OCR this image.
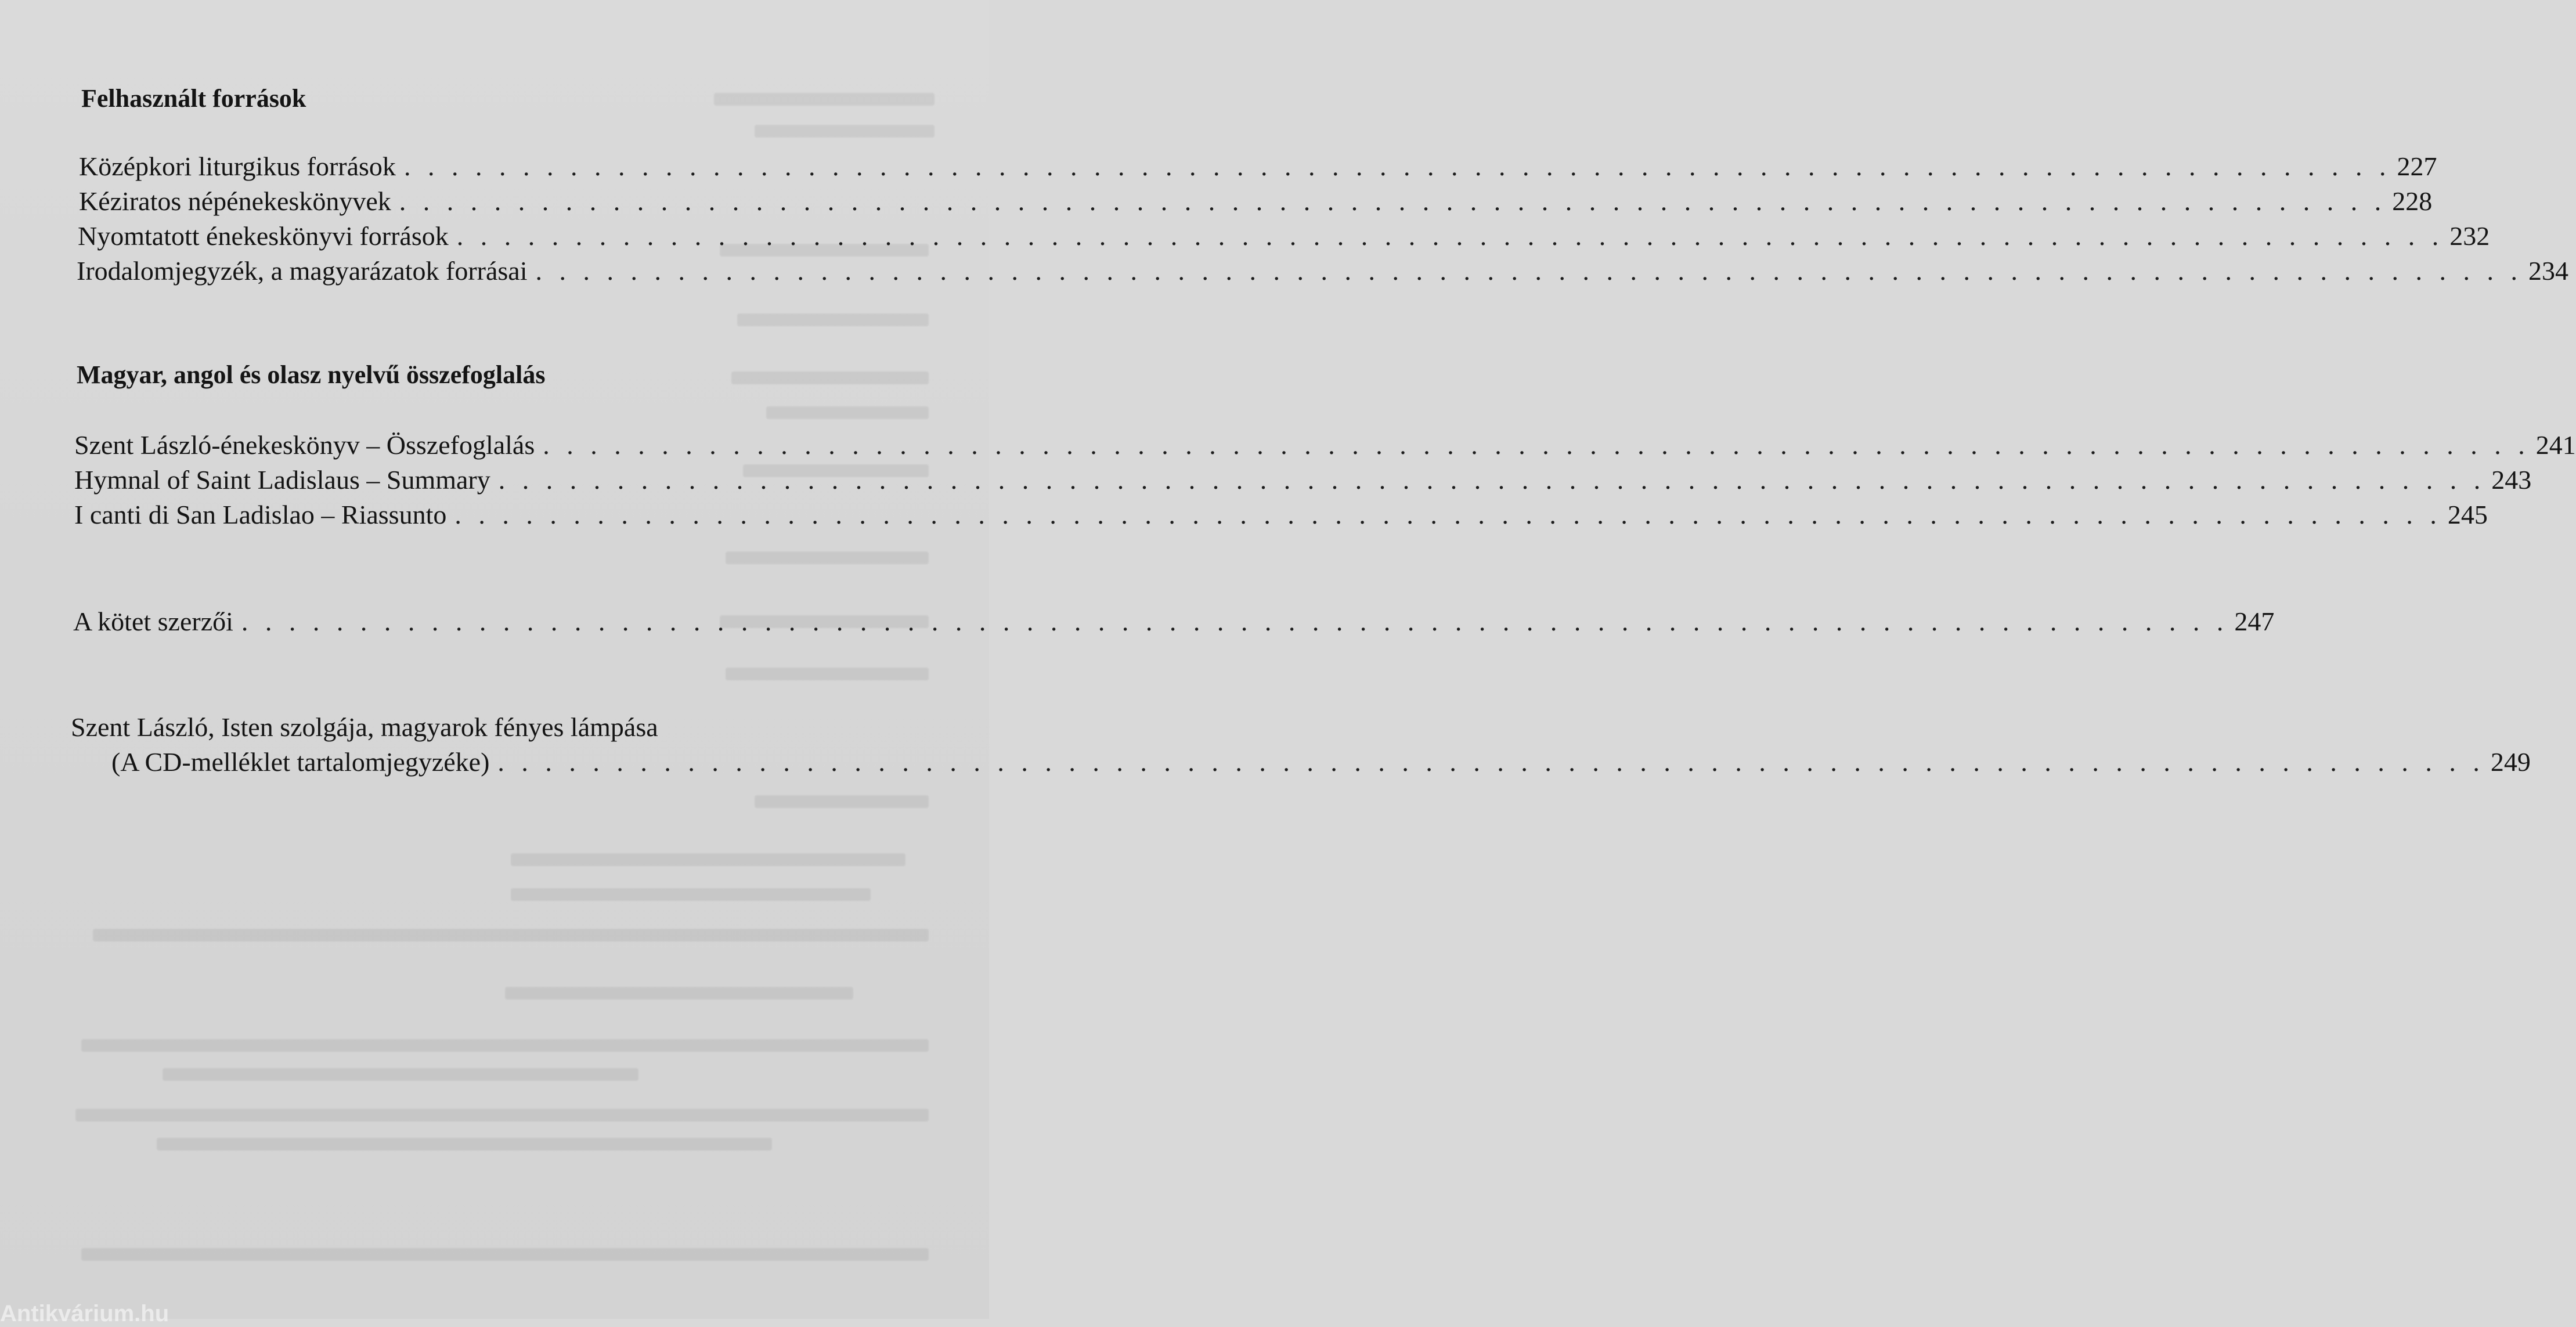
Felhasznált források
Középkori liturgikus források . . . . . . . . . . . . . . . . . . . . . . . . . . . . . . . . . . . . . . . . . . . . . . . . . . . . . . . . . . . . . . . . . . . . . . . . . . . . . . . . . . . . 227
Kéziratos népénekeskönyvek . . . . . . . . . . . . . . . . . . . . . . . . . . . . . . . . . . . . . . . . . . . . . . . . . . . . . . . . . . . . . . . . . . . . . . . . . . . . . . . . . . . . 228
Nyomtatott énekeskönyvi források . . . . . . . . . . . . . . . . . . . . . . . . . . . . . . . . . . . . . . . . . . . . . . . . . . . . . . . . . . . . . . . . . . . . . . . . . . . . . . . . . . . . 232
Irodalomjegyzék, a magyarázatok forrásai . . . . . . . . . . . . . . . . . . . . . . . . . . . . . . . . . . . . . . . . . . . . . . . . . . . . . . . . . . . . . . . . . . . . . . . . . . . . . . . . . . . . 234
Magyar, angol és olasz nyelvű összefoglalás
Szent László-énekeskönyv – Összefoglalás . . . . . . . . . . . . . . . . . . . . . . . . . . . . . . . . . . . . . . . . . . . . . . . . . . . . . . . . . . . . . . . . . . . . . . . . . . . . . . . . . . . . 241
Hymnal of Saint Ladislaus – Summary . . . . . . . . . . . . . . . . . . . . . . . . . . . . . . . . . . . . . . . . . . . . . . . . . . . . . . . . . . . . . . . . . . . . . . . . . . . . . . . . . . . . 243
I canti di San Ladislao – Riassunto . . . . . . . . . . . . . . . . . . . . . . . . . . . . . . . . . . . . . . . . . . . . . . . . . . . . . . . . . . . . . . . . . . . . . . . . . . . . . . . . . . . . 245
A kötet szerzői . . . . . . . . . . . . . . . . . . . . . . . . . . . . . . . . . . . . . . . . . . . . . . . . . . . . . . . . . . . . . . . . . . . . . . . . . . . . . . . . . . . . 247
Szent László, Isten szolgája, magyarok fényes lámpása
(A CD-melléklet tartalomjegyzéke) . . . . . . . . . . . . . . . . . . . . . . . . . . . . . . . . . . . . . . . . . . . . . . . . . . . . . . . . . . . . . . . . . . . . . . . . . . . . . . . . . . . . 249
Antikvárium.hu
